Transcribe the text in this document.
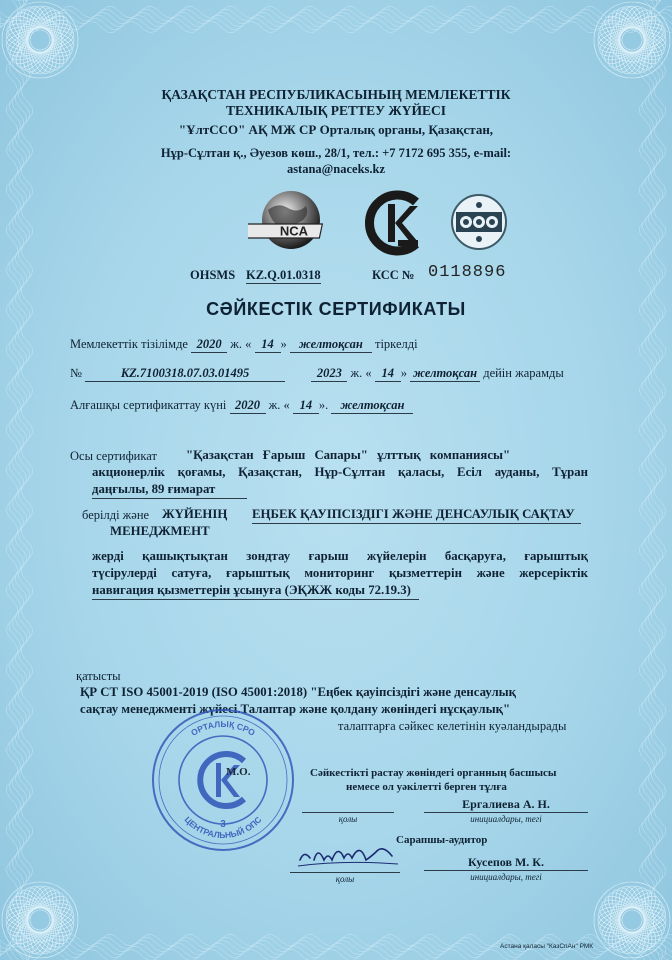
ҚАЗАҚСТАН РЕСПУБЛИКАСЫНЫҢ МЕМЛЕКЕТТІК
ТЕХНИКАЛЫҚ РЕТТЕУ ЖҮЙЕСІ
"ҰлтССО" АҚ МЖ СР Орталық органы, Қазақстан,
Нұр-Сұлтан қ., Әуезов көш., 28/1, тел.: +7 7172 695 355, e-mail:
astana@naceks.kz
NCA
OHSMS KZ.Q.01.0318	КСС № 0118896
СӘЙКЕСТІК СЕРТИФИКАТЫ
Мемлекеттік тізілімде 2020 ж. « 14 » желтоқсан тіркелді
№	KZ.7100318.07.03.01495	2023 ж. « 14 » желтоқсан дейін жарамды
Алғашқы сертификаттау күні 2020 ж. « 14 ». желтоқсан
Осы сертификат "Қазақстан Ғарыш Сапары" ұлттық компаниясы"
акционерлік қоғамы, Қазақстан, Нұр-Сұлтан қаласы, Есіл ауданы, Тұран
даңғылы, 89 ғимарат
берілді және ЖҮЙЕНІҢ ЕҢБЕК ҚАУІПСІЗДІГІ ЖӘНЕ ДЕНСАУЛЫҚ САҚТАУ
МЕНЕДЖМЕНТ
жерді қашықтықтан зондтау ғарыш жүйелерін басқаруға, ғарыштық
түсірулерді сатуға, ғарыштық мониторинг қызметтерін және жерсеріктік
навигация қызметтерін ұсынуға (ЭҚЖЖ коды 72.19.3)
қатысты
ҚР СТ ISO 45001-2019 (ISO 45001:2018) "Еңбек қауіпсіздігі және денсаулық
сақтау менеджменті жүйесі.Талаптар және қолдану жөніндегі нұсқаулық"
талаптарға сәйкес келетінін куәландырады
ОРТАЛЫҚ СРО
ЦЕНТРАЛЬНЫЙ ОПС
3
М.О.	Сәйкестікті растау жөніндегі органның басшысы
немесе ол уәкілетті берген тұлға
қолы
Ергалиева А. Н.
инициалдары, тегі
Сарапшы-аудитор
қолы
Кусепов М. К.
инициалдары, тегі
Астана қаласы "КазСпАн" РМК
